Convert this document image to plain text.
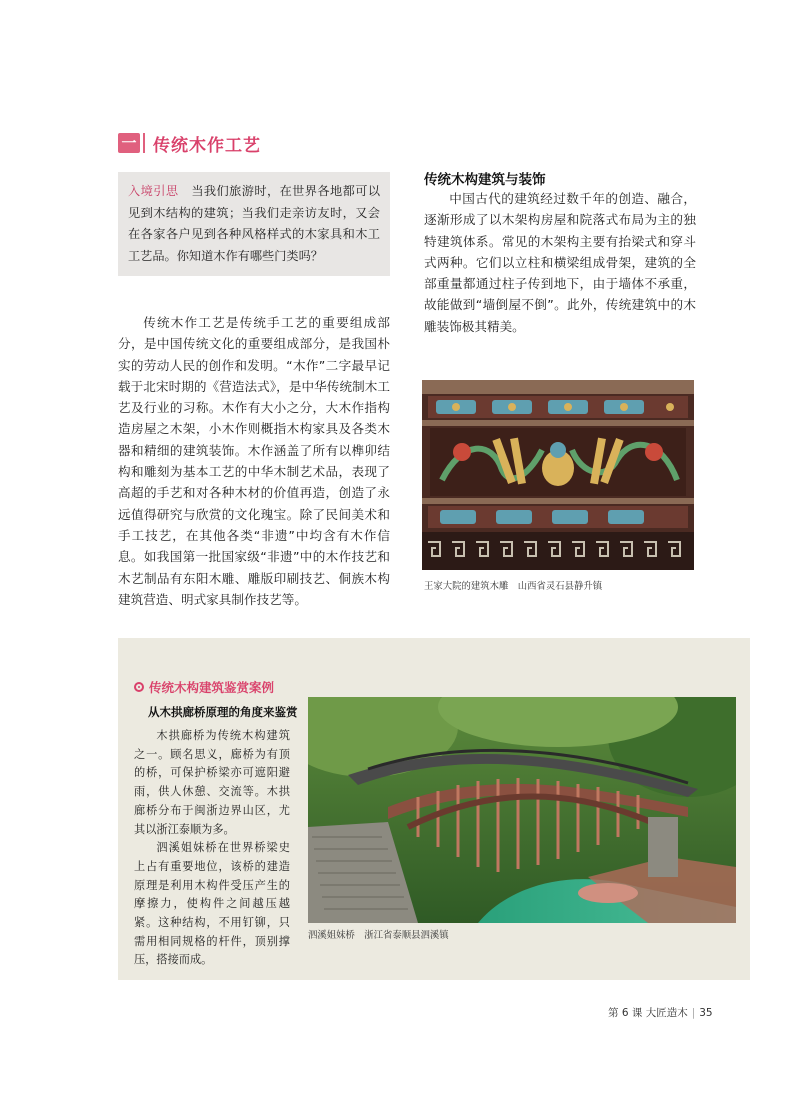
一 传统木作工艺
入境引思 当我们旅游时，在世界各地都可以见到木结构的建筑；当我们走亲访友时，又会在各家各户见到各种风格样式的木家具和木工工艺品。你知道木作有哪些门类吗？

传统木作工艺是传统手工艺的重要组成部分，是中国传统文化的重要组成部分，是我国朴实的劳动人民的创作和发明。“木作”二字最早记载于北宋时期的《营造法式》，是中华传统制木工艺及行业的习称。木作有大小之分，大木作指构造房屋之木架，小木作则概指木构家具及各类木器和精细的建筑装饰。木作涵盖了所有以榫卯结构和雕刻为基本工艺的中华木制艺术品，表现了高超的手艺和对各种木材的价值再造，创造了永远值得研究与欣赏的文化瑰宝。除了民间美术和手工技艺，在其他各类“非遗”中均含有木作信息。如我国第一批国家级“非遗”中的木作技艺和木艺制品有东阳木雕、雕版印刷技艺、侗族木构建筑营造、明式家具制作技艺等。

传统木构建筑与装饰

中国古代的建筑经过数千年的创造、融合，逐渐形成了以木架构房屋和院落式布局为主的独特建筑体系。常见的木架构主要有抬梁式和穿斗式两种。它们以立柱和横梁组成骨架，建筑的全部重量都通过柱子传到地下，由于墙体不承重，故能做到“墙倒屋不倒”。此外，传统建筑中的木雕装饰极其精美。

王家大院的建筑木雕　山西省灵石县静升镇
传统木构建筑鉴赏案例
从木拱廊桥原理的角度来鉴赏

木拱廊桥为传统木构建筑之一。顾名思义，廊桥为有顶的桥，可保护桥梁亦可遮阳避雨，供人休憩、交流等。木拱廊桥分布于闽浙边界山区，尤其以浙江泰顺为多。

泗溪姐妹桥在世界桥梁史上占有重要地位，该桥的建造原理是利用木构件受压产生的摩擦力，使构件之间越压越紧。这种结构，不用钉铆，只需用相同规格的杆件，顶别撑压，搭接而成。

泗溪姐妹桥　浙江省泰顺县泗溪镇
第 6 课 大匠造木 | 35
